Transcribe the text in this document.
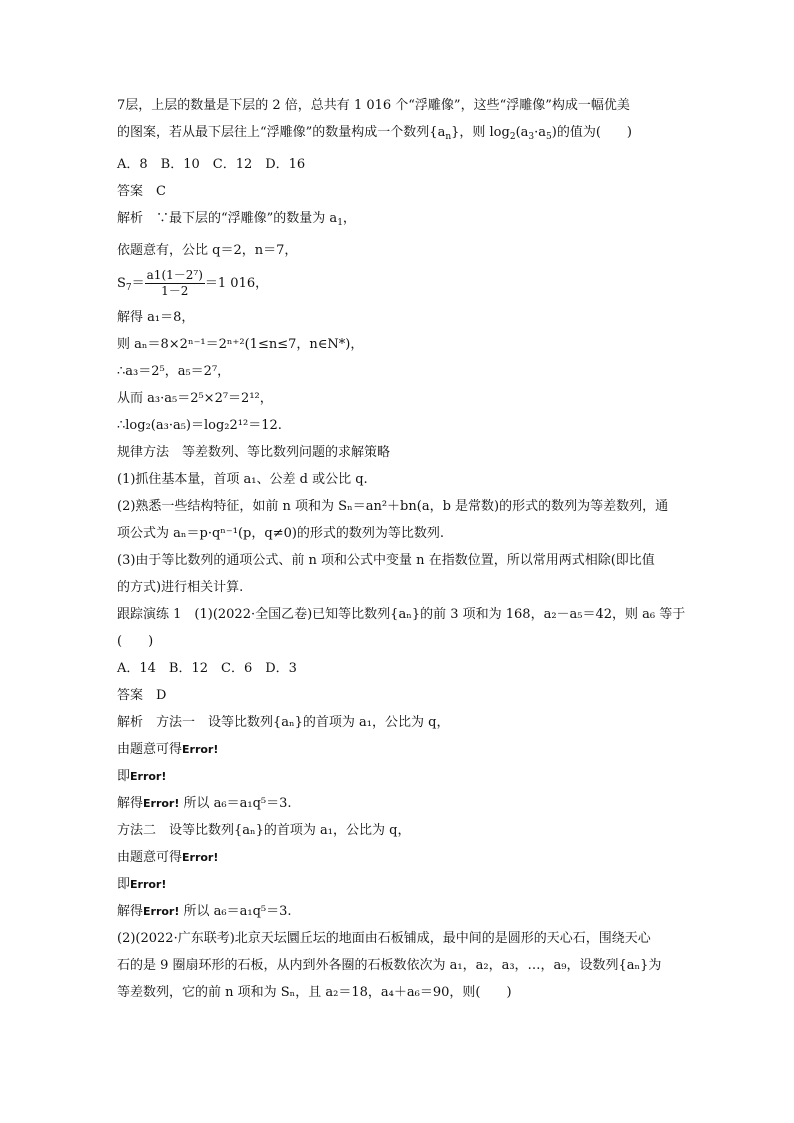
7层，上层的数量是下层的 2 倍，总共有 1 016 个“浮雕像”，这些“浮雕像”构成一幅优美
的图案，若从最下层往上“浮雕像”的数量构成一个数列$\{a_n\}$，则 $\log_2(a_3\cdot a_5)$的值为(　　)
A．8　B．10　C．12　D．16
答案　C
解析　∵最下层的“浮雕像”的数量为 $a_1$，
依题意有，公比 q＝2，n＝7，
$S_7= \frac{\text{a1(1－2⁷)}}{1-2} =1$ 016，
解得 a₁＝8，
则 aₙ＝8×2ⁿ⁻¹＝2ⁿ⁺²(1≤n≤7，n∈N*)，
∴a₃＝2⁵，a₅＝2⁷，
从而 a₃·a₅＝2⁵×2⁷＝2¹²，
∴log₂(a₃·a₅)＝log₂2¹²＝12.
规律方法　等差数列、等比数列问题的求解策略
(1)抓住基本量，首项 a₁、公差 d 或公比 q.
(2)熟悉一些结构特征，如前 n 项和为 Sₙ＝an²＋bn(a，b 是常数)的形式的数列为等差数列，通
项公式为 aₙ＝p·qⁿ⁻¹(p，q≠0)的形式的数列为等比数列.
(3)由于等比数列的通项公式、前 n 项和公式中变量 n 在指数位置，所以常用两式相除(即比值
的方式)进行相关计算.
跟踪演练 1　(1)(2022·全国乙卷)已知等比数列{aₙ}的前 3 项和为 168，a₂－a₅＝42，则 a₆ 等于
(　　)
A．14　B．12　C．6　D．3
答案　D
解析　方法一　设等比数列{aₙ}的首项为 a₁，公比为 q，
由题意可得Error!
即Error!
解得Error! 所以 a₆＝a₁q⁵＝3.
方法二　设等比数列{aₙ}的首项为 a₁，公比为 q，
由题意可得Error!
即Error!
解得Error! 所以 a₆＝a₁q⁵＝3.
(2)(2022·广东联考)北京天坛圜丘坛的地面由石板铺成，最中间的是圆形的天心石，围绕天心
石的是 9 圈扇环形的石板，从内到外各圈的石板数依次为 a₁，a₂，a₃，…，a₉，设数列{aₙ}为
等差数列，它的前 n 项和为 Sₙ，且 a₂＝18，a₄＋a₆＝90，则(　　)
